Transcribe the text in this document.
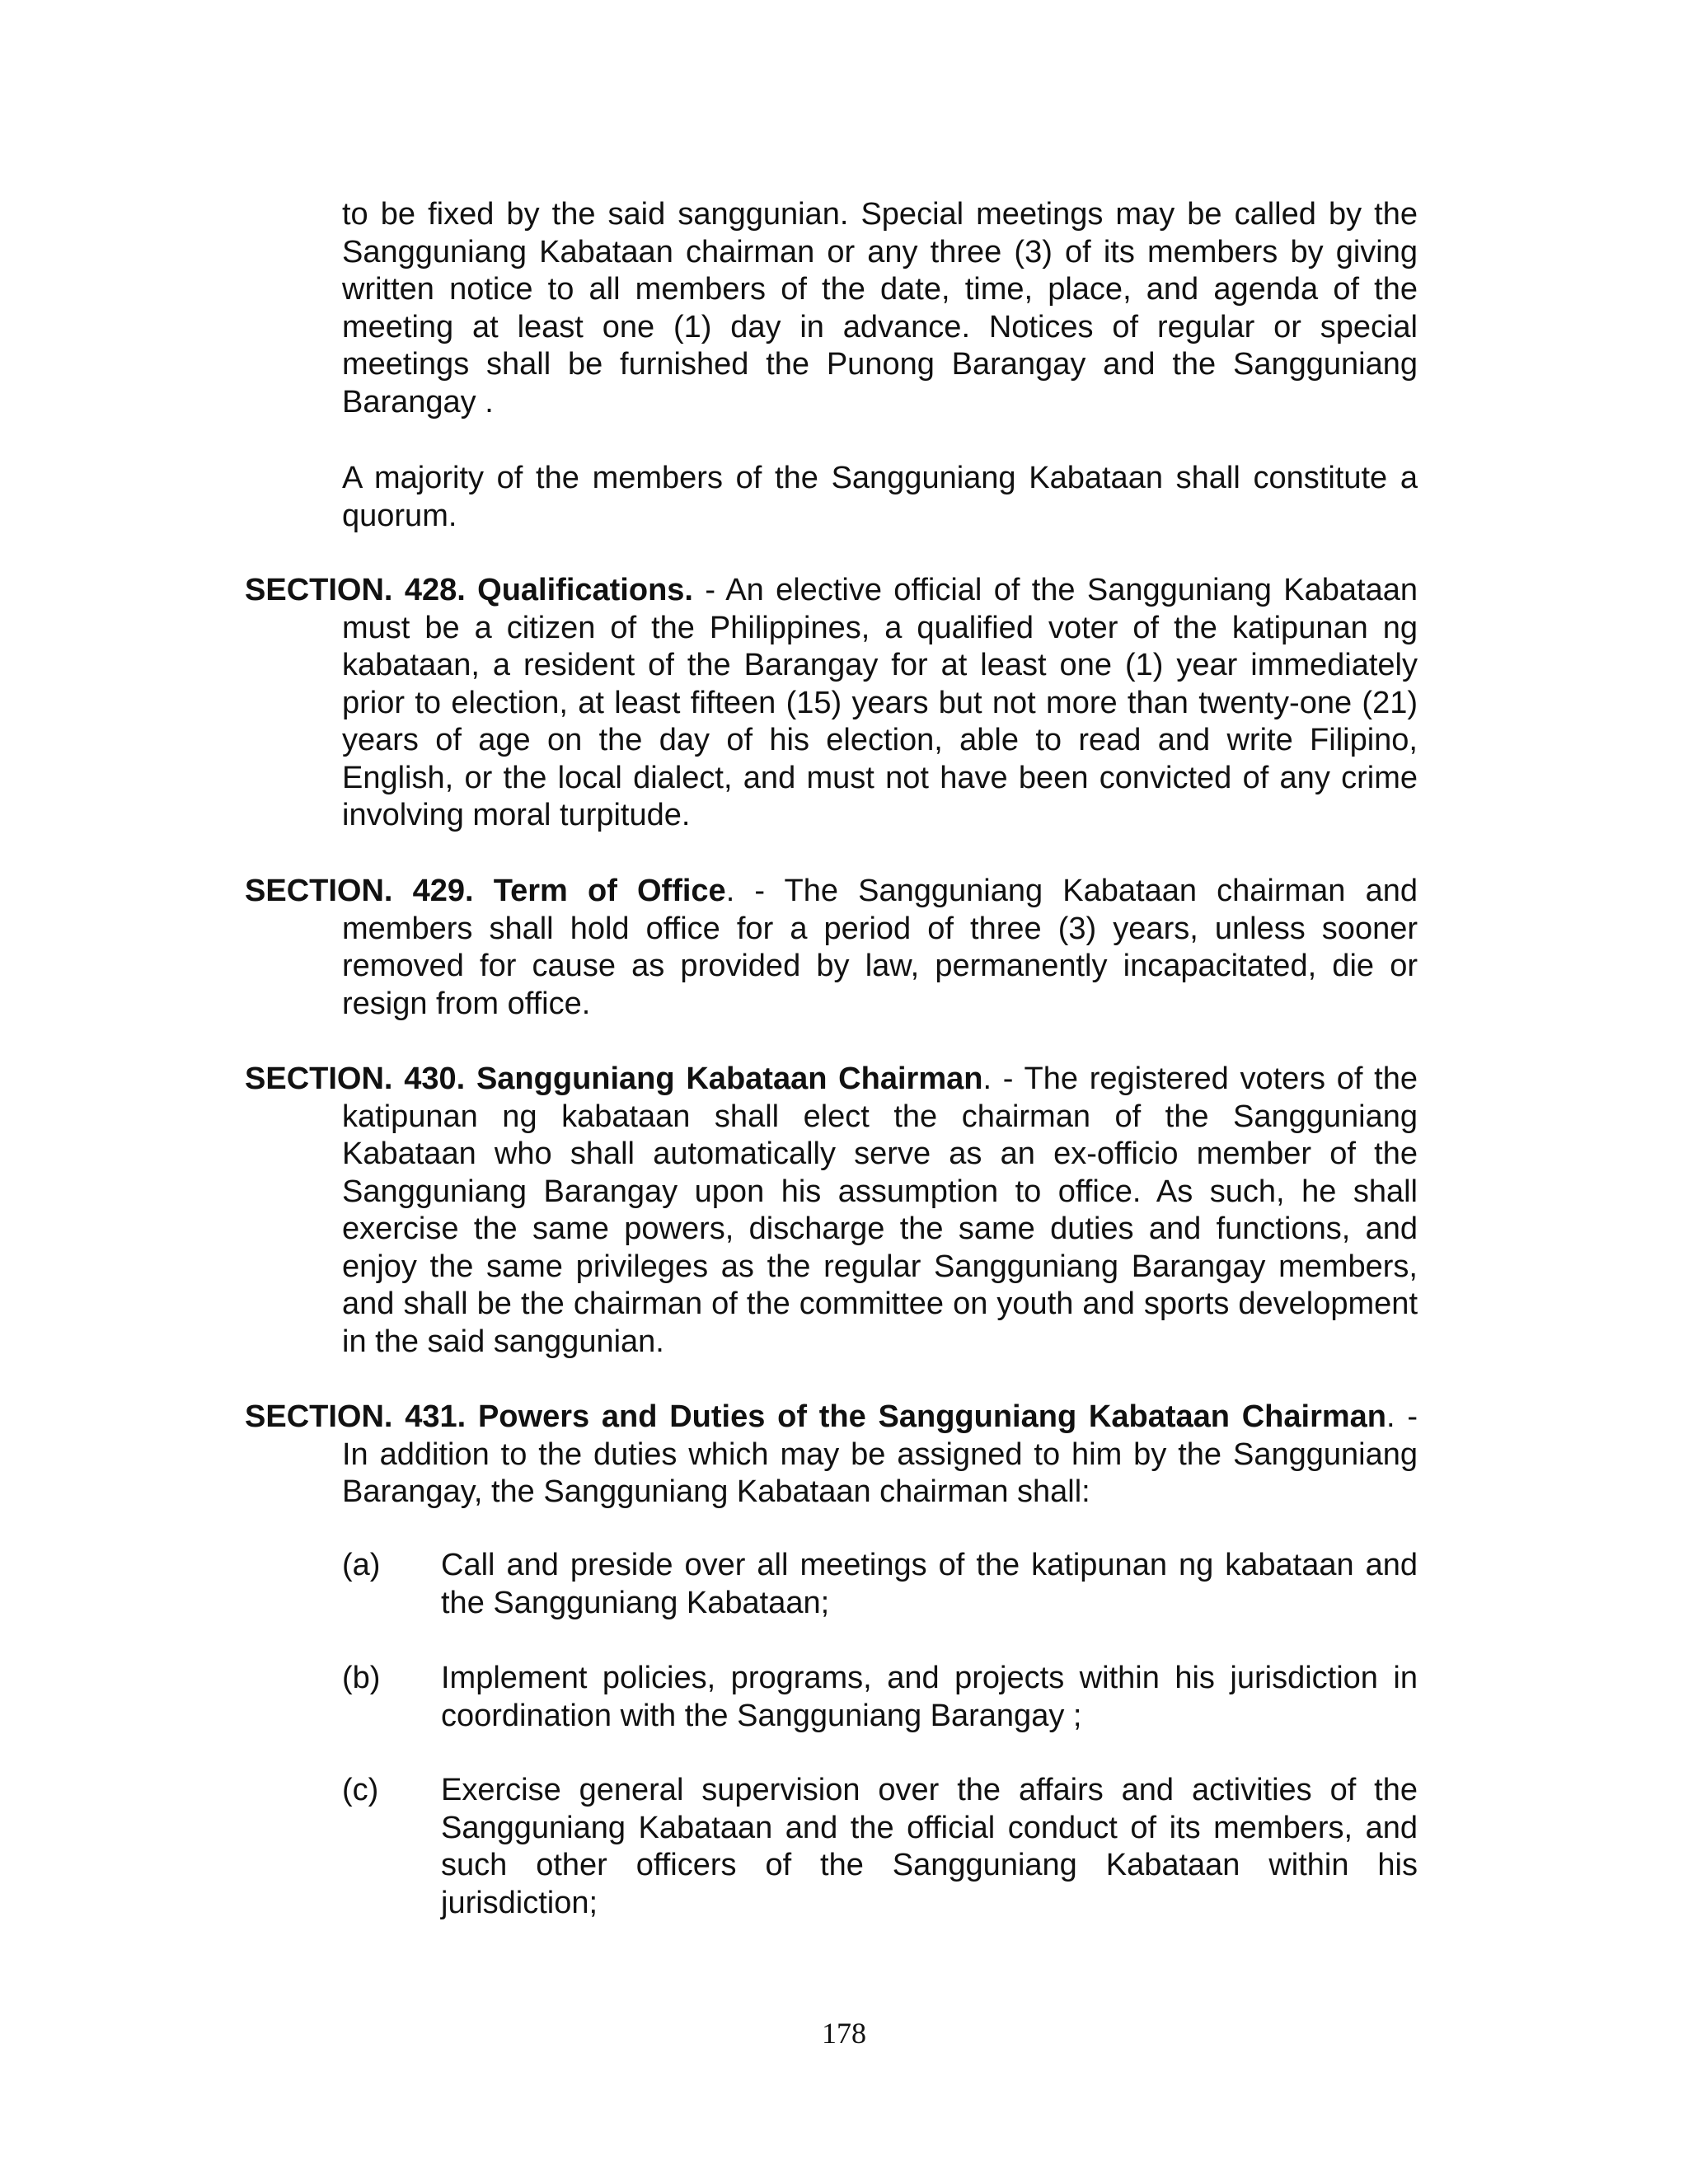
to be fixed by the said sanggunian. Special meetings may be called by the Sangguniang Kabataan chairman or any three (3) of its members by giving written notice to all members of the date, time, place, and agenda of the meeting at least one (1) day in advance. Notices of regular or special meetings shall be furnished the Punong Barangay and the Sangguniang Barangay .

A majority of the members of the Sangguniang Kabataan shall constitute a quorum.

SECTION. 428. Qualifications. - An elective official of the Sangguniang Kabataan must be a citizen of the Philippines, a qualified voter of the katipunan ng kabataan, a resident of the Barangay for at least one (1) year immediately prior to election, at least fifteen (15) years but not more than twenty-one (21) years of age on the day of his election, able to read and write Filipino, English, or the local dialect, and must not have been convicted of any crime involving moral turpitude.

SECTION. 429. Term of Office. - The Sangguniang Kabataan chairman and members shall hold office for a period of three (3) years, unless sooner removed for cause as provided by law, permanently incapacitated, die or resign from office.

SECTION. 430. Sangguniang Kabataan Chairman. - The registered voters of the katipunan ng kabataan shall elect the chairman of the Sangguniang Kabataan who shall automatically serve as an ex-officio member of the Sangguniang Barangay upon his assumption to office. As such, he shall exercise the same powers, discharge the same duties and functions, and enjoy the same privileges as the regular Sangguniang Barangay members, and shall be the chairman of the committee on youth and sports development in the said sanggunian.

SECTION. 431. Powers and Duties of the Sangguniang Kabataan Chairman. - In addition to the duties which may be assigned to him by the Sangguniang Barangay, the Sangguniang Kabataan chairman shall:

(a) Call and preside over all meetings of the katipunan ng kabataan and the Sangguniang Kabataan;
(b) Implement policies, programs, and projects within his jurisdiction in coordination with the Sangguniang Barangay ;
(c) Exercise general supervision over the affairs and activities of the Sangguniang Kabataan and the official conduct of its members, and such other officers of the Sangguniang Kabataan within his jurisdiction;
178
